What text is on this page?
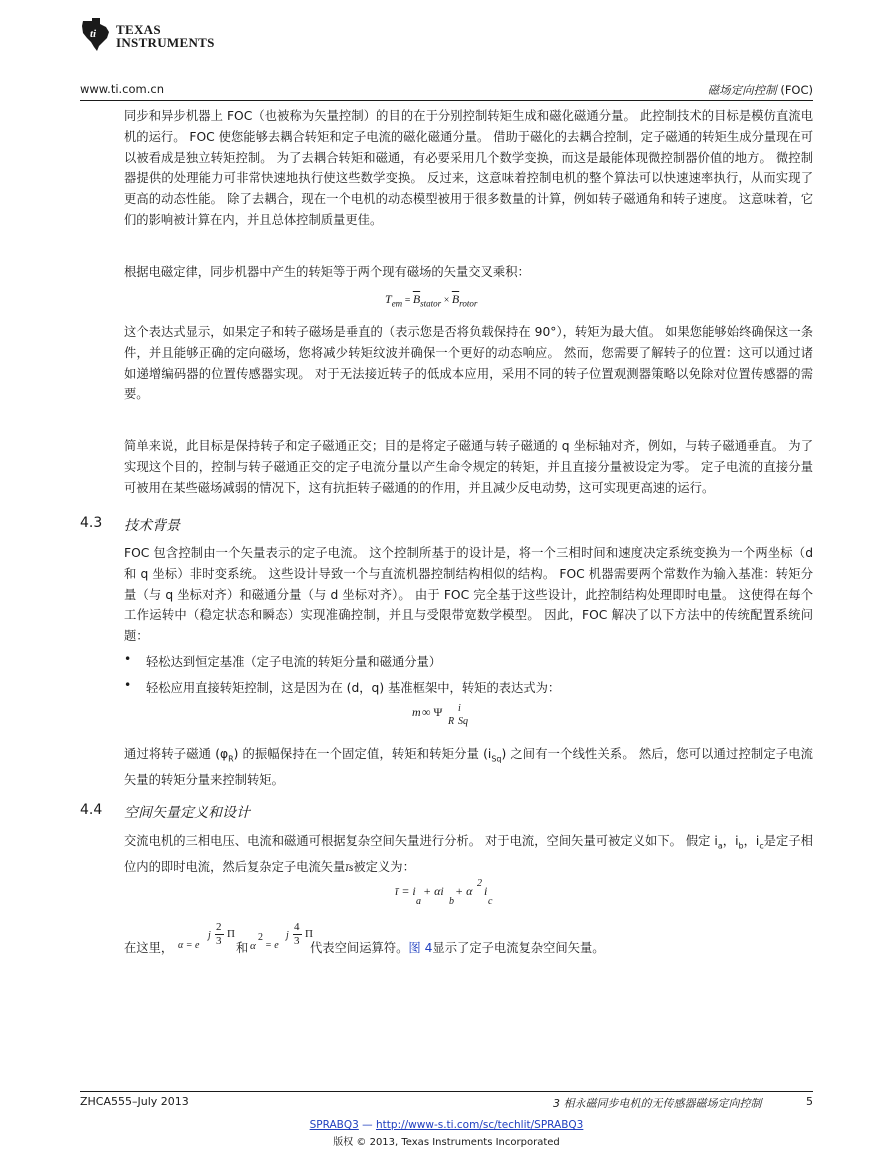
ti TEXAS
INSTRUMENTS
www.ti.com.cn	磁场定向控制 (FOC)

同步和异步机器上 FOC（也被称为矢量控制）的目的在于分别控制转矩生成和磁化磁通分量。 此控制技术的目标是模仿直流电机的运行。 FOC 使您能够去耦合转矩和定子电流的磁化磁通分量。 借助于磁化的去耦合控制，定子磁通的转矩生成分量现在可以被看成是独立转矩控制。 为了去耦合转矩和磁通，有必要采用几个数学变换，而这是最能体现微控制器价值的地方。 微控制器提供的处理能力可非常快速地执行使这些数学变换。 反过来，这意味着控制电机的整个算法可以快速速率执行，从而实现了更高的动态性能。 除了去耦合，现在一个电机的动态模型被用于很多数量的计算，例如转子磁通角和转子速度。 这意味着，它们的影响被计算在内，并且总体控制质量更佳。

根据电磁定律，同步机器中产生的转矩等于两个现有磁场的矢量交叉乘积：

$T_{em} = \overline{B}_{stator} \times \overline{B}_{rotor}$

这个表达式显示，如果定子和转子磁场是垂直的（表示您是否将负载保持在 90°），转矩为最大值。 如果您能够始终确保这一条件，并且能够正确的定向磁场，您将减少转矩纹波并确保一个更好的动态响应。 然而，您需要了解转子的位置：这可以通过诸如递增编码器的位置传感器实现。 对于无法接近转子的低成本应用，采用不同的转子位置观测器策略以免除对位置传感器的需要。

简单来说，此目标是保持转子和定子磁通正交；目的是将定子磁通与转子磁通的 q 坐标轴对齐，例如，与转子磁通垂直。 为了实现这个目的，控制与转子磁通正交的定子电流分量以产生命令规定的转矩，并且直接分量被设定为零。 定子电流的直接分量可被用在某些磁场减弱的情况下，这有抗拒转子磁通的的作用，并且减少反电动势，这可实现更高速的运行。

4.3 技术背景

FOC 包含控制由一个矢量表示的定子电流。 这个控制所基于的设计是，将一个三相时间和速度决定系统变换为一个两坐标（d 和 q 坐标）非时变系统。 这些设计导致一个与直流机器控制结构相似的结构。 FOC 机器需要两个常数作为输入基准：转矩分量（与 q 坐标对齐）和磁通分量（与 d 坐标对齐）。 由于 FOC 完全基于这些设计，此控制结构处理即时电量。 这使得在每个工作运转中（稳定状态和瞬态）实现准确控制，并且与受限带宽数学模型。 因此，FOC 解决了以下方法中的传统配置系统问题：

• 轻松达到恒定基准（定子电流的转矩分量和磁通分量）
• 轻松应用直接转矩控制，这是因为在 (d，q) 基准框架中，转矩的表达式为：
m ∞ Ψ i
R Sq

通过将转子磁通 $(\varphi_R)$ 的振幅保持在一个固定值，转矩和转矩分量 $(i_{Sq})$ 之间有一个线性关系。 然后，您可以通过控制定子电流矢量的转矩分量来控制转矩。

4.4 空间矢量定义和设计

交流电机的三相电压、电流和磁通可根据复杂空间矢量进行分析。 对于电流，空间矢量可被定义如下。 假定 $i_a$，$i_b$，$i_c$是定子相位内的即时电流，然后复杂定子电流矢量īs被定义为：

ī = i
a
+ αi
b
+ α
2
i
c
在这里， α = e
j
2
3
Π
和 α
2
= e
j
4
3
Π
代表空间运算符。图 4显示了定子电流复杂空间矢量。
ZHCA555–July 2013	3 相永磁同步电机的无传感器磁场定向控制	5
SPRABQ3 — http://www-s.ti.com/sc/techlit/SPRABQ3
版权 © 2013, Texas Instruments Incorporated
